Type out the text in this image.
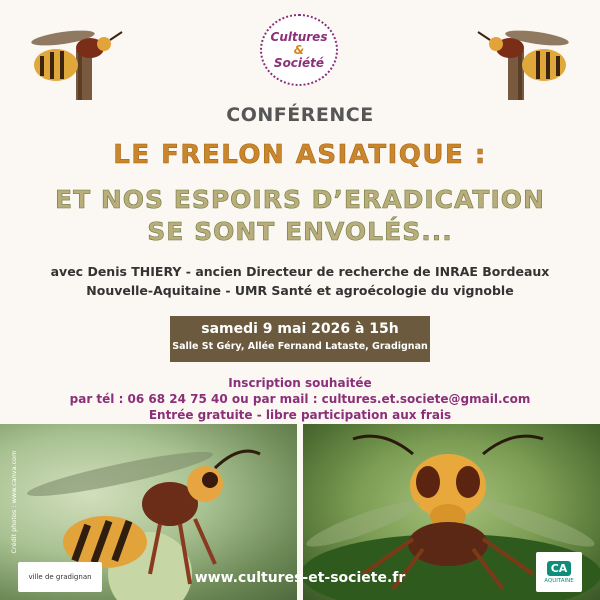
Cultures
&
Société
CONFÉRENCE
LE FRELON ASIATIQUE :
ET NOS ESPOIRS D’ERADICATION
SE SONT ENVOLÉS...
avec Denis THIERY - ancien Directeur de recherche de INRAE Bordeaux
Nouvelle-Aquitaine - UMR Santé et agroécologie du vignoble
samedi 9 mai 2026 à 15h
Salle St Géry, Allée Fernand Lataste, Gradignan
Inscription souhaitée
par tél : 06 68 24 75 40 ou par mail : cultures.et.societe@gmail.com
Entrée gratuite - libre participation aux frais
Crédit photos : www.canva.com
ville de gradignan	www.cultures-et-societe.fr
CA
AQUITAINE
